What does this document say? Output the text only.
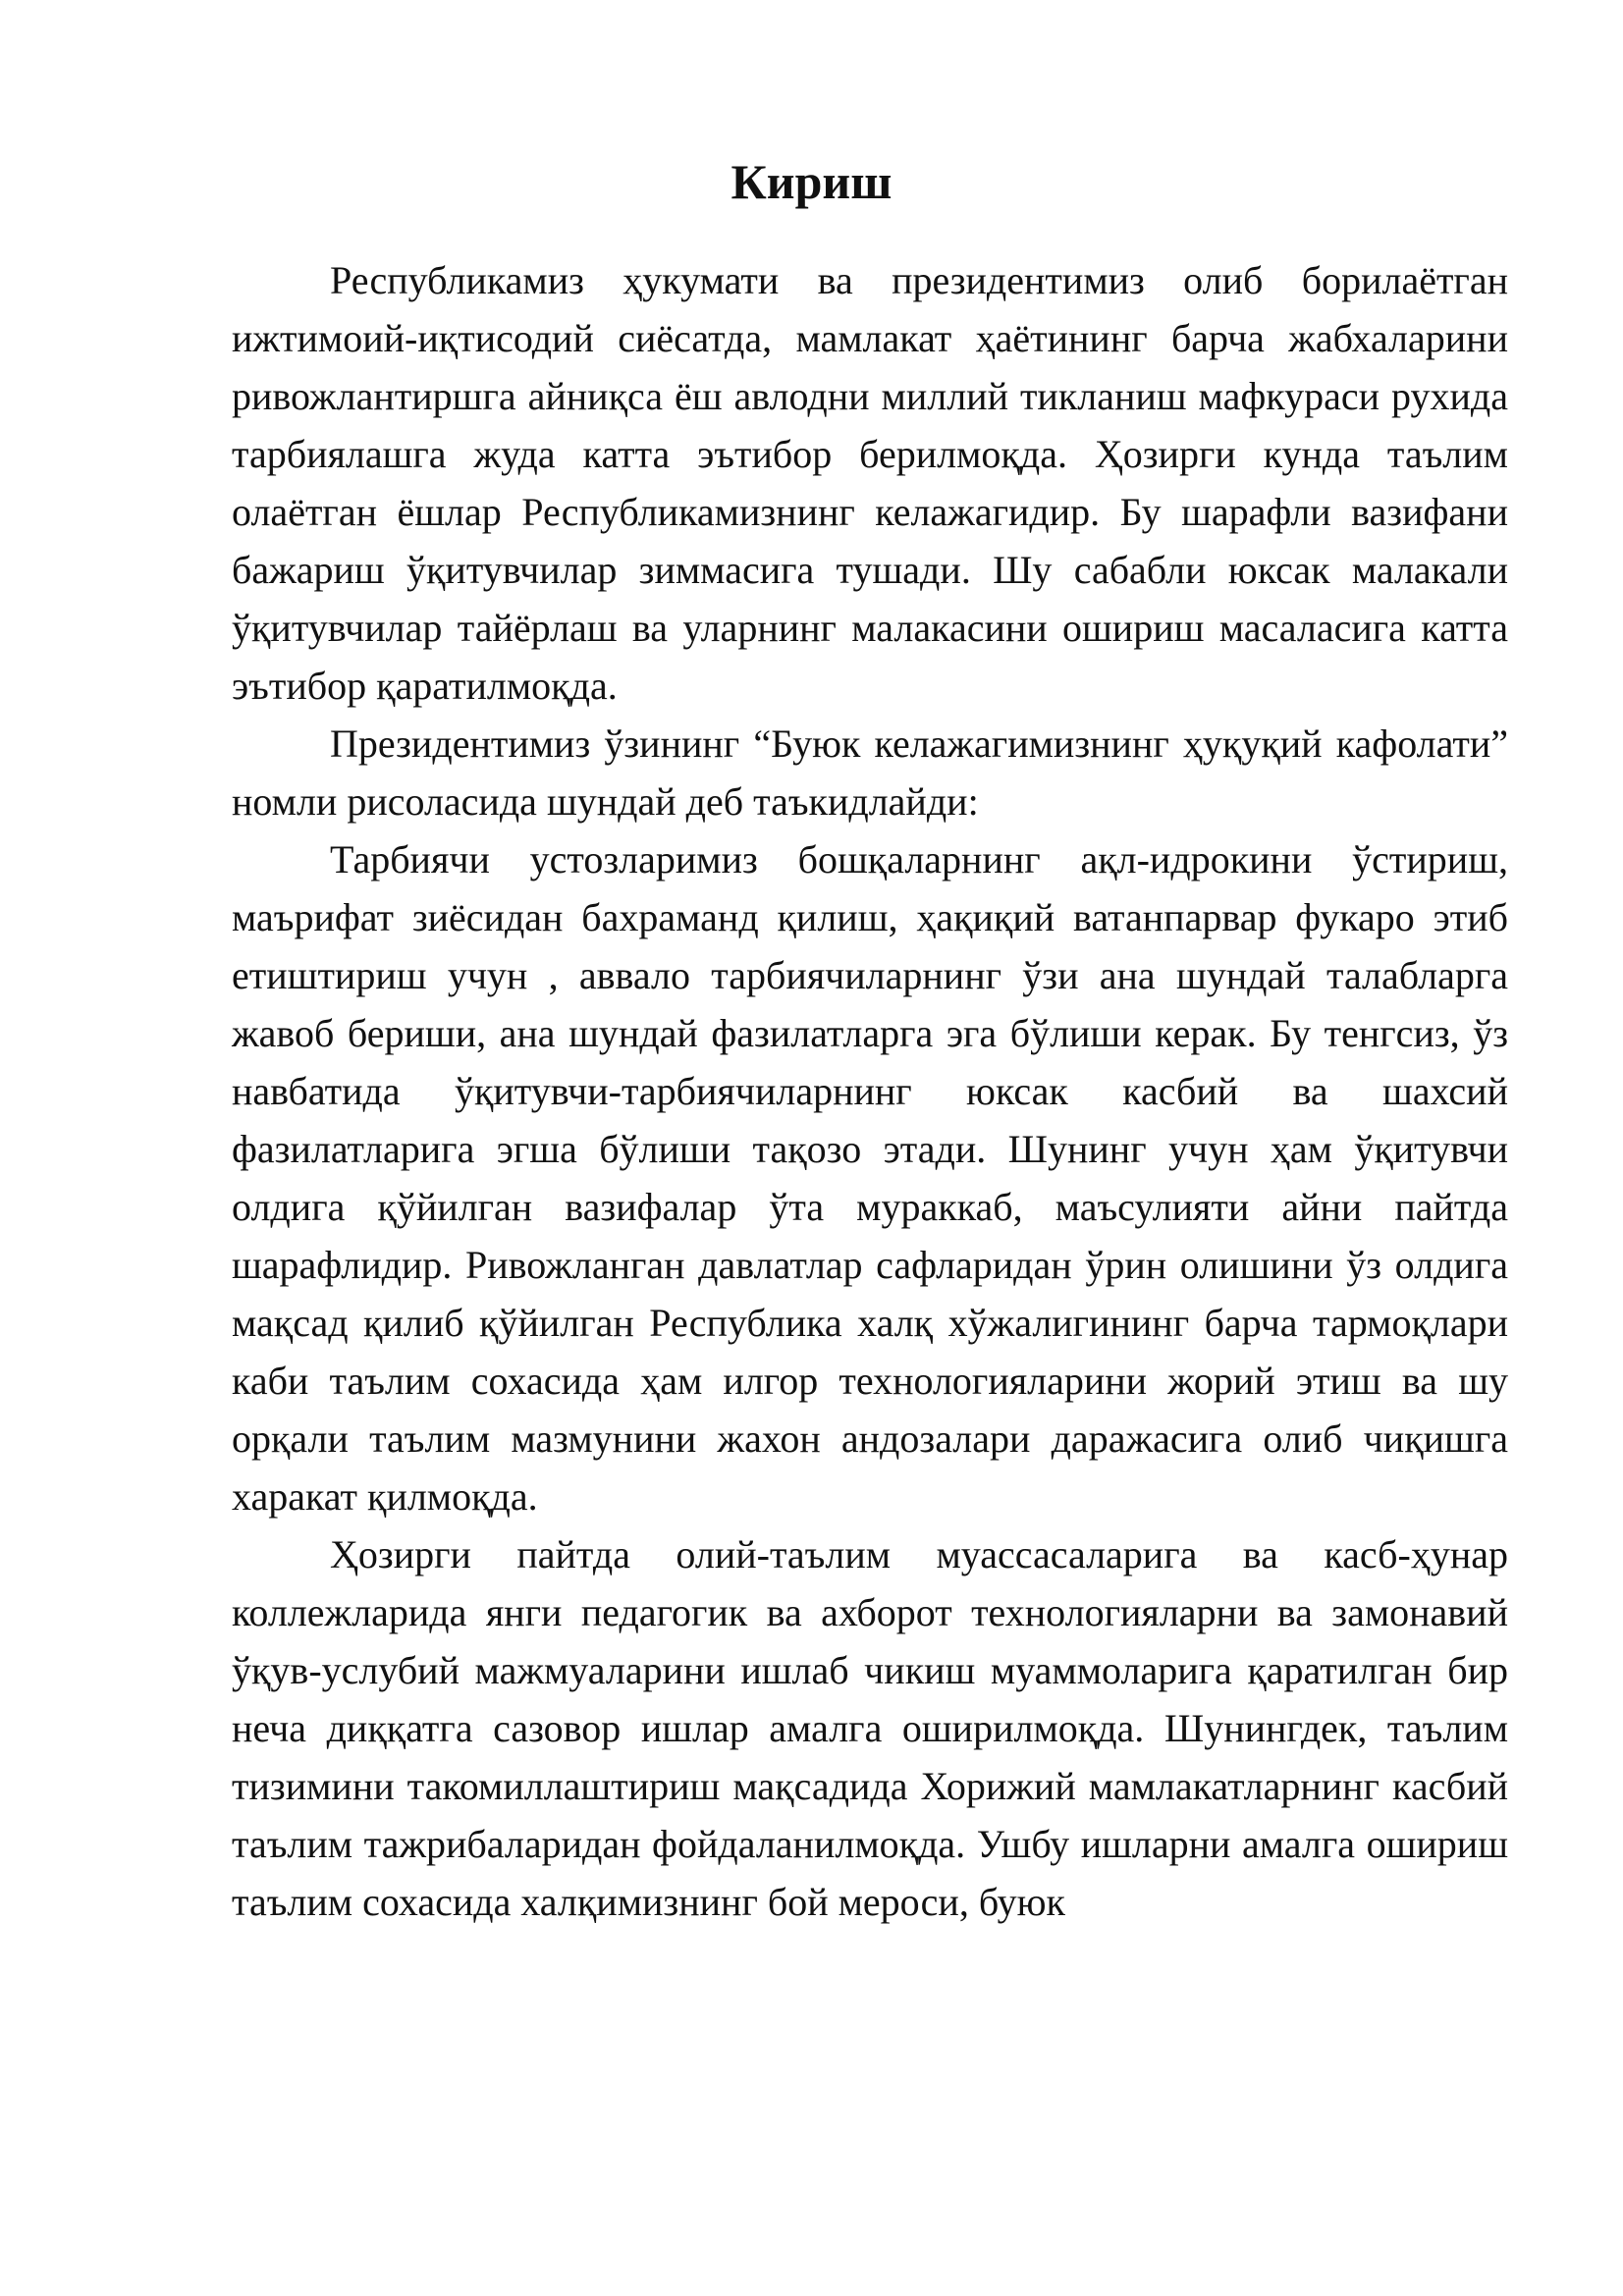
Кириш

Республикамиз ҳукумати ва президентимиз олиб борилаётган ижтимоий-иқтисодий сиёсатда, мамлакат ҳаётининг барча жабхаларини ривожлантиршга айниқса ёш авлодни миллий тикланиш мафкураси рухида тарбиялашга жуда катта эътибор берилмоқда. Ҳозирги кунда таълим олаётган ёшлар Республикамизнинг келажагидир. Бу шарафли вазифани бажариш ўқитувчилар зиммасига тушади. Шу сабабли юксак малакали ўқитувчилар тайёрлаш ва уларнинг малакасини ошириш масаласига катта эътибор қаратилмоқда.

Президентимиз ўзининг “Буюк келажагимизнинг ҳуқуқий кафолати” номли рисоласида шундай деб таъкидлайди:

Тарбиячи устозларимиз бошқаларнинг ақл-идрокини ўстириш, маърифат зиёсидан бахраманд қилиш, ҳақиқий ватанпарвар фукаро этиб етиштириш учун , аввало тарбиячиларнинг ўзи ана шундай талабларга жавоб бериши, ана шундай фазилатларга эга бўлиши керак. Бу тенгсиз, ўз навбатида ўқитувчи-тарбиячиларнинг юксак касбий ва шахсий фазилатларига эгша бўлиши тақозо этади. Шунинг учун ҳам ўқитувчи олдига қўйилган вазифалар ўта мураккаб, маъсулияти айни пайтда шарафлидир. Ривожланган давлатлар сафларидан ўрин олишини ўз олдига мақсад қилиб қўйилган Республика халқ хўжалигининг барча тармоқлари каби таълим сохасида ҳам илгор технологияларини жорий этиш ва шу орқали таълим мазмунини жахон андозалари даражасига олиб чиқишга харакат қилмоқда.

Ҳозирги пайтда олий-таълим муассасаларига ва касб-ҳунар коллежларида янги педагогик ва ахборот технологияларни ва замонавий ўқув-услубий мажмуаларини ишлаб чикиш муаммоларига қаратилган бир неча диққатга сазовор ишлар амалга оширилмоқда. Шунингдек, таълим тизимини такомиллаштириш мақсадида Хорижий мамлакатларнинг касбий таълим тажрибаларидан фойдаланилмоқда. Ушбу ишларни амалга ошириш таълим сохасида халқимизнинг бой мероси, буюк
